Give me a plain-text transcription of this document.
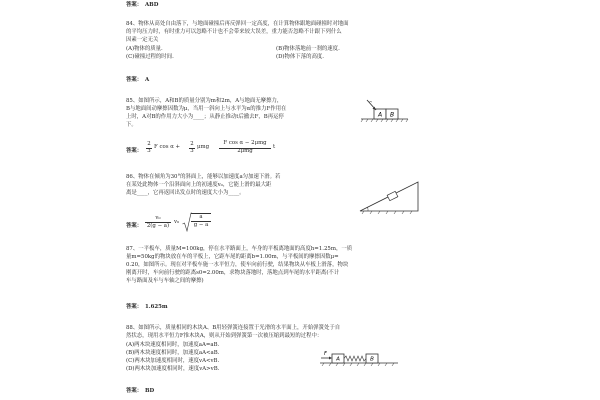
答案： ABD
84、物体从高处自由落下，与地面碰撞后再反弹回一定高度，在计算物体跟地面碰撞时对地面
的平均压力时，有时重力可以忽略不计也不会带来较大误差，重力能否忽略不计跟下列什么
因素一定无关
(A)物体的质量.	(B)物体落地前一刹的速度.
(C)碰撞过程的时间.	(D)物体下落的高度.
答案： A
85、如图所示，A和B的质量分别为m和2m，A与地面无摩擦力，
B与地面间动摩擦因数为μ，当用一斜向上与水平为α的推力F作用在
上时，A对B的作用力大小为____；从静止推动t后撤去F，B再运停
下。
A B
答案：
2
3
F cos α + 2
3
μmg
F cos α − 2μmg
2μmg
t
86、物体在倾角为30°的斜面上，能够以加速度a匀加速下滑。若
在某处此物体一个沿斜面向上的初速度v₀，它能上滑的最大距
离是____，它再返回出发点时的速度大小为____。
答案：
v₀
2(g − a)
v₀
a
g − a
87、一平板车，质量M=100kg，停在水平路面上，车身的平板离地面的高度h=1.25m，一质
量m=50kg的物块放在车的平板上，它距车尾的距离b=1.00m，与平板间的摩擦因数μ=
0.20，如图所示。现在对平板车施一水平恒力，使车向前行驶，结果物块从车板上滑落，物块
刚离开时，车向前行驶的距离s0=2.00m，求物块落地时，落地点到车尾的水平距离(不计
车与路面及车与车轴之间的摩擦)
答案： 1.625m
88、如图所示，质量相同的木块A、B用轻弹簧连接置于光滑的水平面上，开始弹簧处于自
然状态，现用水平恒力F推木块A，则从开始到弹簧第一次被压缩到最短的过程中：
(A)两木块速度相同时，加速度aA=aB.
(B)两木块速度相同时，加速度aA<aB.
(C)两木块加速度相同时，速度vA<vB.
(D)两木块加速度相同时，速度vA>vB.
F
A	B
答案： BD
